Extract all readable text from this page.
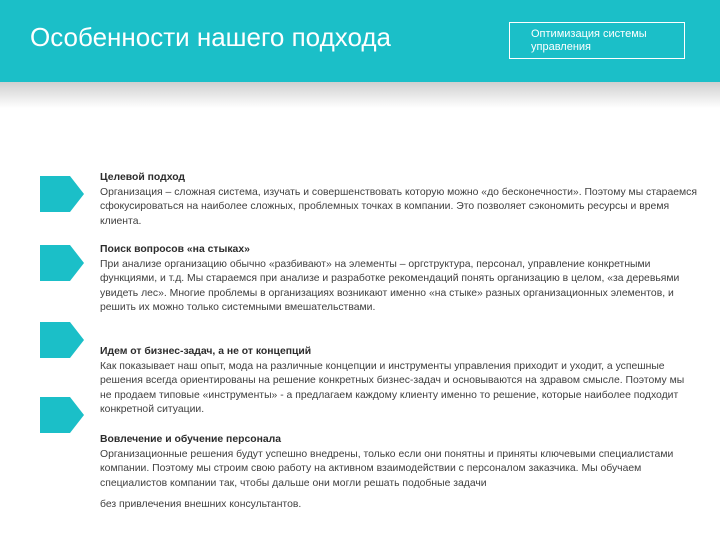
Особенности нашего подхода	Оптимизация системы управления
Целевой подход
Организация – сложная система, изучать и совершенствовать которую можно «до бесконечности». Поэтому мы стараемся сфокусироваться на наиболее сложных, проблемных точках в компании. Это позволяет сэкономить ресурсы и время клиента.
Поиск вопросов «на стыках»
При анализе организацию обычно «разбивают» на элементы – оргструктура, персонал, управление конкретными функциями, и т.д. Мы стараемся при анализе и разработке рекомендаций понять организацию в целом, «за деревьями увидеть лес». Многие проблемы в организациях возникают именно «на стыке» разных организационных элементов, и решить их можно только системными вмешательствами.
Идем от бизнес-задач, а не от концепций
Как показывает наш опыт, мода на различные концепции и инструменты управления приходит и уходит, а успешные решения всегда ориентированы на решение конкретных бизнес-задач и основываются на здравом смысле. Поэтому мы не продаем типовые «инструменты» - а предлагаем каждому клиенту именно то решение, которые наиболее подходит конкретной ситуации.
Вовлечение и обучение персонала
Организационные решения будут успешно внедрены, только если они понятны и приняты ключевыми специалистами компании. Поэтому мы строим свою работу на активном взаимодействии с персоналом заказчика. Мы обучаем специалистов компании так, чтобы дальше они могли решать подобные задачи
без привлечения внешних консультантов.
